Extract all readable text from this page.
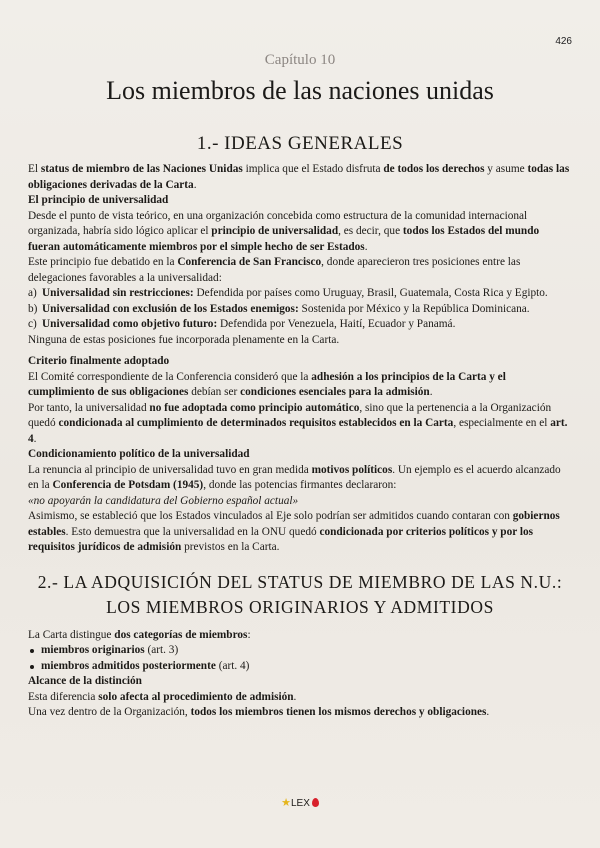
426
Capítulo 10
Los miembros de las naciones unidas
1.- IDEAS GENERALES

El status de miembro de las Naciones Unidas implica que el Estado disfruta de todos los derechos y asume todas las obligaciones derivadas de la Carta.

El principio de universalidad

Desde el punto de vista teórico, en una organización concebida como estructura de la comunidad internacional organizada, habría sido lógico aplicar el principio de universalidad, es decir, que todos los Estados del mundo fueran automáticamente miembros por el simple hecho de ser Estados.

Este principio fue debatido en la Conferencia de San Francisco, donde aparecieron tres posiciones entre las delegaciones favorables a la universalidad:

a) Universalidad sin restricciones: Defendida por países como Uruguay, Brasil, Guatemala, Costa Rica y Egipto.
b) Universalidad con exclusión de los Estados enemigos: Sostenida por México y la República Dominicana.
c) Universalidad como objetivo futuro: Defendida por Venezuela, Haití, Ecuador y Panamá.

Ninguna de estas posiciones fue incorporada plenamente en la Carta.

Criterio finalmente adoptado

El Comité correspondiente de la Conferencia consideró que la adhesión a los principios de la Carta y el cumplimiento de sus obligaciones debían ser condiciones esenciales para la admisión.

Por tanto, la universalidad no fue adoptada como principio automático, sino que la pertenencia a la Organización quedó condicionada al cumplimiento de determinados requisitos establecidos en la Carta, especialmente en el art. 4.

Condicionamiento político de la universalidad

La renuncia al principio de universalidad tuvo en gran medida motivos políticos. Un ejemplo es el acuerdo alcanzado en la Conferencia de Potsdam (1945), donde las potencias firmantes declararon:

«no apoyarán la candidatura del Gobierno español actual»

Asimismo, se estableció que los Estados vinculados al Eje solo podrían ser admitidos cuando contaran con gobiernos estables. Esto demuestra que la universalidad en la ONU quedó condicionada por criterios políticos y por los requisitos jurídicos de admisión previstos en la Carta.

2.- LA ADQUISICIÓN DEL STATUS DE MIEMBRO DE LAS N.U.: LOS MIEMBROS ORIGINARIOS Y ADMITIDOS

La Carta distingue dos categorías de miembros:

miembros originarios (art. 3)
miembros admitidos posteriormente (art. 4)

Alcance de la distinción

Esta diferencia solo afecta al procedimiento de admisión.

Una vez dentro de la Organización, todos los miembros tienen los mismos derechos y obligaciones.

★LEX
